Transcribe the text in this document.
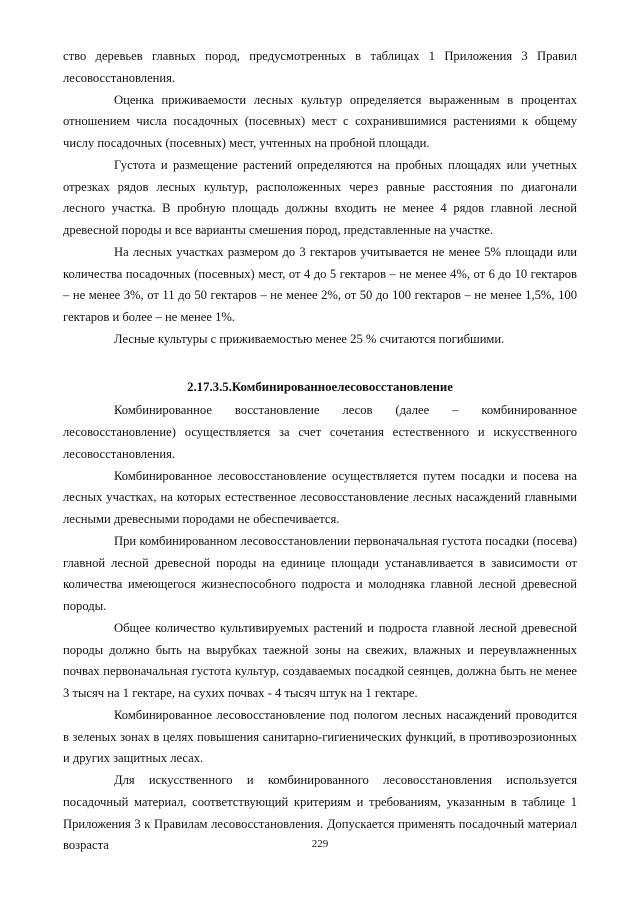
ство деревьев главных пород, предусмотренных в таблицах 1 Приложения 3 Правил лесовосстановления.

Оценка приживаемости лесных культур определяется выраженным в процентах отношением числа посадочных (посевных) мест с сохранившимися растениями к общему числу посадочных (посевных) мест, учтенных на пробной площади.

Густота и размещение растений определяются на пробных площадях или учетных отрезках рядов лесных культур, расположенных через равные расстояния по диагонали лесного участка. В пробную площадь должны входить не менее 4 рядов главной лесной древесной породы и все варианты смешения пород, представленные на участке.

На лесных участках размером до 3 гектаров учитывается не менее 5% площади или количества посадочных (посевных) мест, от 4 до 5 гектаров – не менее 4%, от 6 до 10 гектаров – не менее 3%, от 11 до 50 гектаров – не менее 2%, от 50 до 100 гектаров – не менее 1,5%, 100 гектаров и более – не менее 1%.

Лесные культуры с приживаемостью менее 25 % считаются погибшими.

2.17.3.5.Комбинированноелесовосстановление

Комбинированное восстановление лесов (далее – комбинированное лесовосстановление) осуществляется за счет сочетания естественного и искусственного лесовосстановления.

Комбинированное лесовосстановление осуществляется путем посадки и посева на лесных участках, на которых естественное лесовосстановление лесных насаждений главными лесными древесными породами не обеспечивается.

При комбинированном лесовосстановлении первоначальная густота посадки (посева) главной лесной древесной породы на единице площади устанавливается в зависимости от количества имеющегося жизнеспособного подроста и молодняка главной лесной древесной породы.

Общее количество культивируемых растений и подроста главной лесной древесной породы должно быть на вырубках таежной зоны на свежих, влажных и переувлажненных почвах первоначальная густота культур, создаваемых посадкой сеянцев, должна быть не менее 3 тысяч на 1 гектаре, на сухих почвах - 4 тысяч штук на 1 гектаре.

Комбинированное лесовосстановление под пологом лесных насаждений проводится в зеленых зонах в целях повышения санитарно-гигиенических функций, в противоэрозионных и других защитных лесах.

Для искусственного и комбинированного лесовосстановления используется посадочный материал, соответствующий критериям и требованиям, указанным в таблице 1 Приложения 3 к Правилам лесовосстановления. Допускается применять посадочный материал возраста	229
